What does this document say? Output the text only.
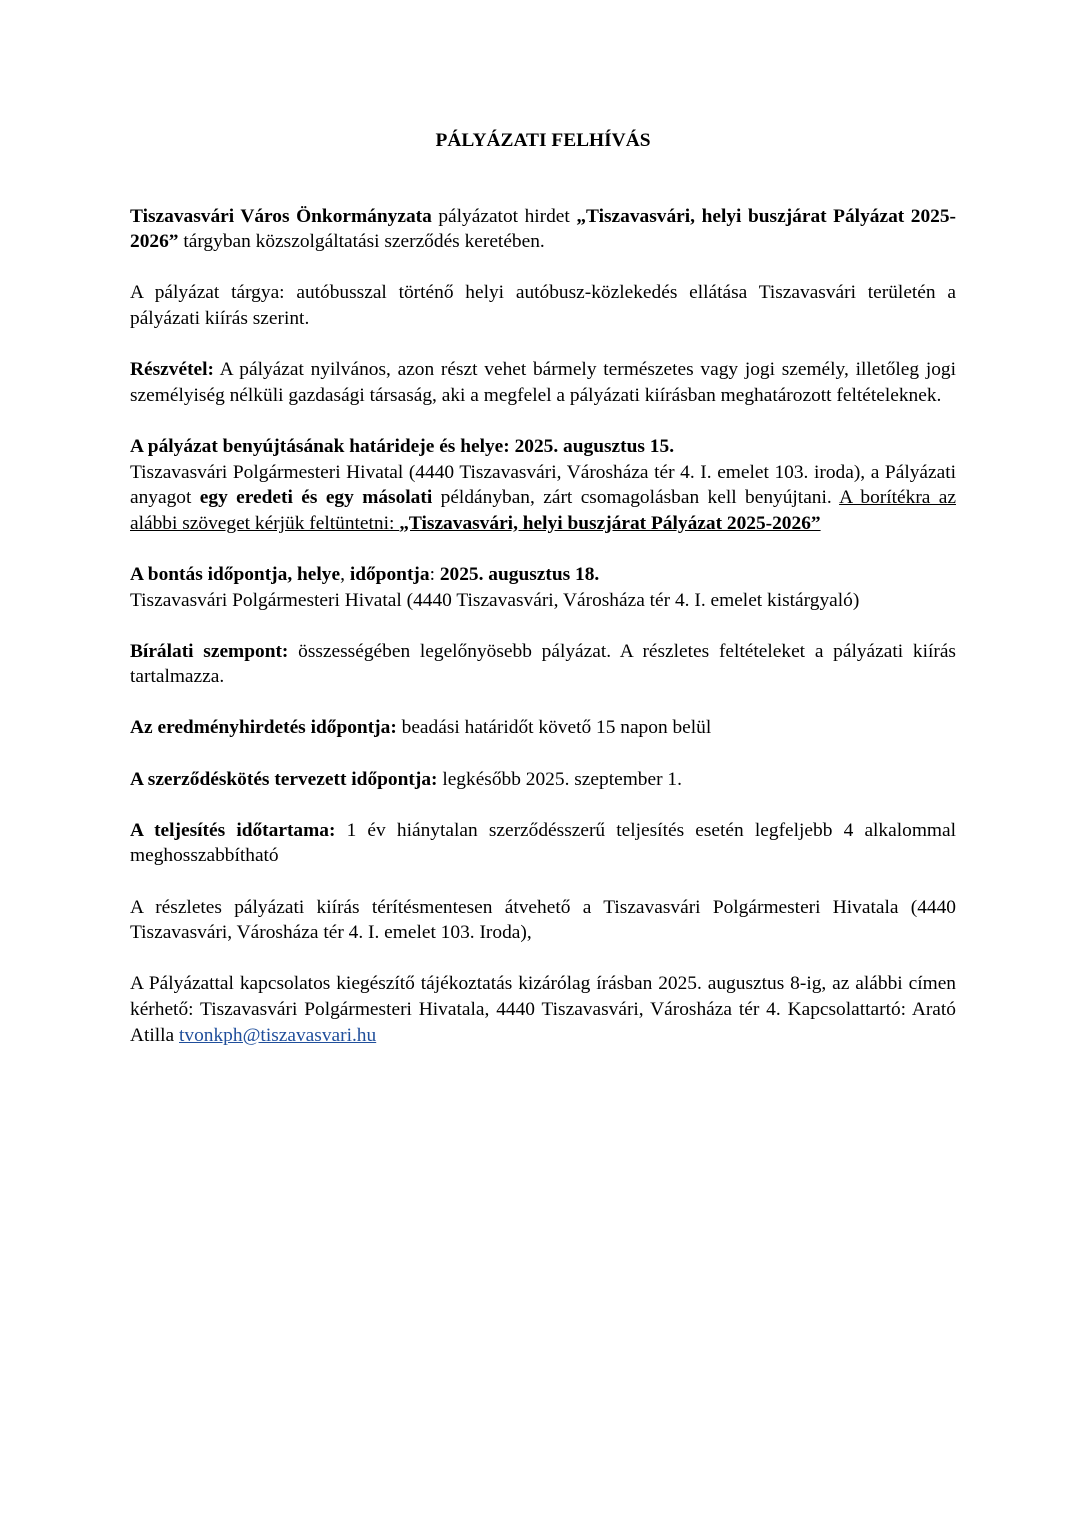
PÁLYÁZATI FELHÍVÁS

Tiszavasvári Város Önkormányzata pályázatot hirdet „Tiszavasvári, helyi buszjárat Pályázat 2025-2026” tárgyban közszolgáltatási szerződés keretében.

A pályázat tárgya: autóbusszal történő helyi autóbusz-közlekedés ellátása Tiszavasvári területén a pályázati kiírás szerint.

Részvétel: A pályázat nyilvános, azon részt vehet bármely természetes vagy jogi személy, illetőleg jogi személyiség nélküli gazdasági társaság, aki a megfelel a pályázati kiírásban meghatározott feltételeknek.

A pályázat benyújtásának határideje és helye: 2025. augusztus 15.
Tiszavasvári Polgármesteri Hivatal (4440 Tiszavasvári, Városháza tér 4. I. emelet 103. iroda), a Pályázati anyagot egy eredeti és egy másolati példányban, zárt csomagolásban kell benyújtani. A borítékra az alábbi szöveget kérjük feltüntetni: „Tiszavasvári, helyi buszjárat Pályázat 2025-2026”

A bontás időpontja, helye, időpontja: 2025. augusztus 18.
Tiszavasvári Polgármesteri Hivatal (4440 Tiszavasvári, Városháza tér 4. I. emelet kistárgyaló)

Bírálati szempont: összességében legelőnyösebb pályázat. A részletes feltételeket a pályázati kiírás tartalmazza.

Az eredményhirdetés időpontja: beadási határidőt követő 15 napon belül

A szerződéskötés tervezett időpontja: legkésőbb 2025. szeptember 1.

A teljesítés időtartama: 1 év hiánytalan szerződésszerű teljesítés esetén legfeljebb 4 alkalommal meghosszabbítható

A részletes pályázati kiírás térítésmentesen átvehető a Tiszavasvári Polgármesteri Hivatala (4440 Tiszavasvári, Városháza tér 4. I. emelet 103. Iroda),

A Pályázattal kapcsolatos kiegészítő tájékoztatás kizárólag írásban 2025. augusztus 8-ig, az alábbi címen kérhető: Tiszavasvári Polgármesteri Hivatala, 4440 Tiszavasvári, Városháza tér 4. Kapcsolattartó: Arató Atilla tvonkph@tiszavasvari.hu
